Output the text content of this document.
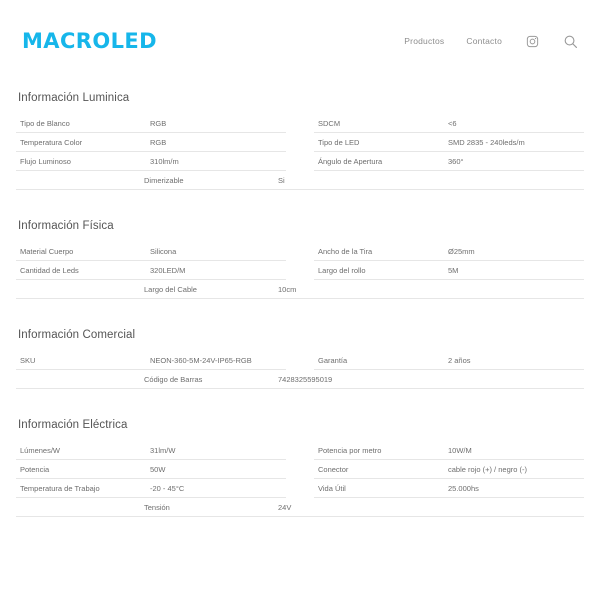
MACROLED	Productos	Contacto
Información Luminica
Tipo de Blanco	RGB
Temperatura Color	RGB
Flujo Luminoso	310lm/m
SDCM	<6
Tipo de LED	SMD 2835 - 240leds/m
Ángulo de Apertura	360°
Dimerizable	Si
Información Física
Material Cuerpo	Silicona
Cantidad de Leds	320LED/M
Ancho de la Tira	Ø25mm
Largo del rollo	5M
Largo del Cable	10cm
Información Comercial
SKU	NEON-360-5M-24V-IP65-RGB	Garantía	2 años
Código de Barras	7428325595019
Información Eléctrica
Lúmenes/W	31lm/W
Potencia	50W
Temperatura de Trabajo	-20 - 45°C
Potencia por metro	10W/M
Conector	cable rojo (+) / negro (-)
Vida Útil	25.000hs
Tensión	24V
